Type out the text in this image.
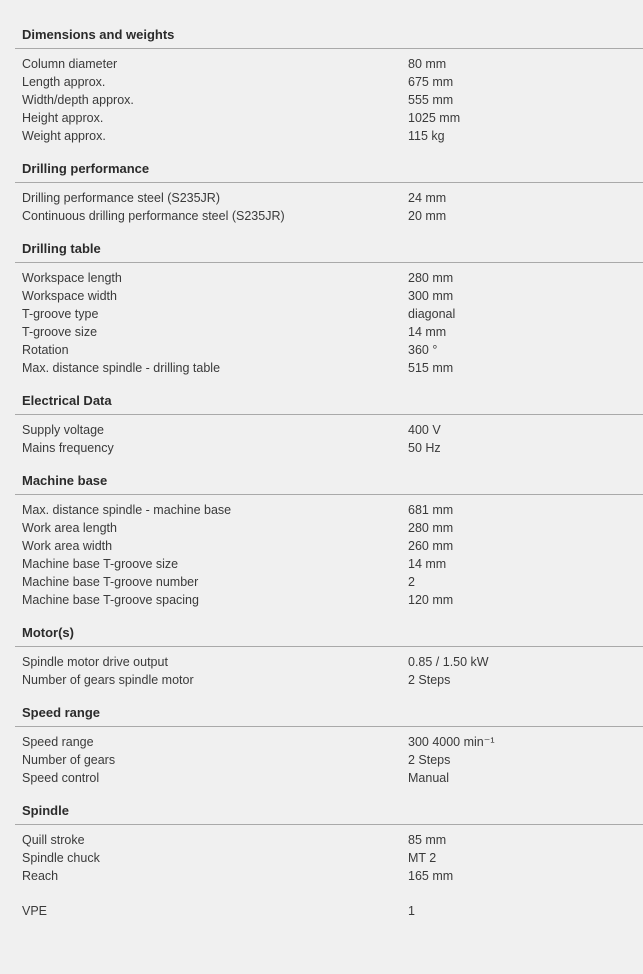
Dimensions and weights
Column diameter	80 mm
Length approx.	675 mm
Width/depth approx.	555 mm
Height approx.	1025 mm
Weight approx.	115 kg
Drilling performance
Drilling performance steel (S235JR)	24 mm
Continuous drilling performance steel (S235JR)	20 mm
Drilling table
Workspace length	280 mm
Workspace width	300 mm
T-groove type	diagonal
T-groove size	14 mm
Rotation	360 °
Max. distance spindle - drilling table	515 mm
Electrical Data
Supply voltage	400 V
Mains frequency	50 Hz
Machine base
Max. distance spindle - machine base	681 mm
Work area length	280 mm
Work area width	260 mm
Machine base T-groove size	14 mm
Machine base T-groove number	2
Machine base T-groove spacing	120 mm
Motor(s)
Spindle motor drive output	0.85 / 1.50 kW
Number of gears spindle motor	2 Steps
Speed range
Speed range	300 4000 min⁻¹
Number of gears	2 Steps
Speed control	Manual
Spindle
Quill stroke	85 mm
Spindle chuck	MT 2
Reach	165 mm
VPE	1
